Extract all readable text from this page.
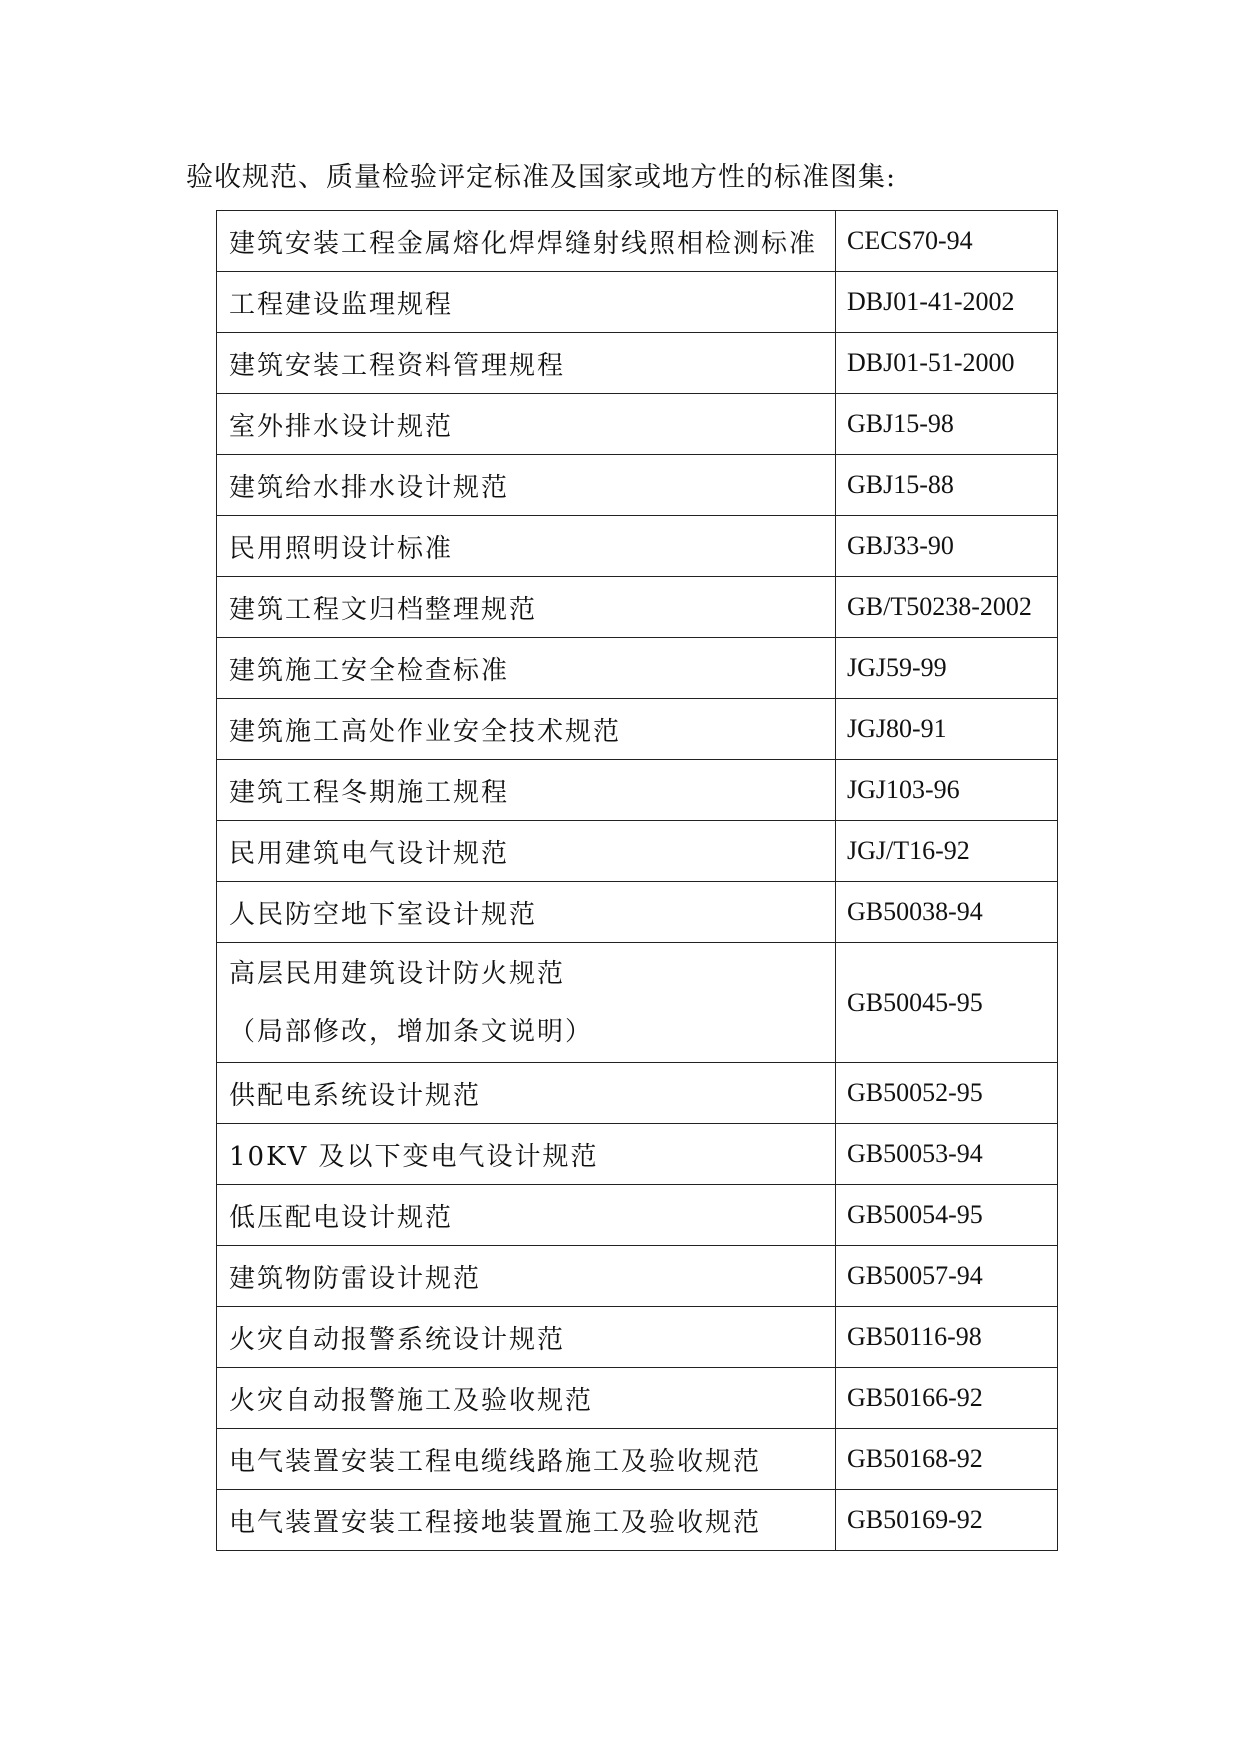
验收规范、质量检验评定标准及国家或地方性的标准图集:
建筑安装工程金属熔化焊焊缝射线照相检测标准	CECS70-94
工程建设监理规程	DBJ01-41-2002
建筑安装工程资料管理规程	DBJ01-51-2000
室外排水设计规范	GBJ15-98
建筑给水排水设计规范	GBJ15-88
民用照明设计标准	GBJ33-90
建筑工程文归档整理规范	GB/T50238-2002
建筑施工安全检查标准	JGJ59-99
建筑施工高处作业安全技术规范	JGJ80-91
建筑工程冬期施工规程	JGJ103-96
民用建筑电气设计规范	JGJ/T16-92
人民防空地下室设计规范	GB50038-94

高层民用建筑设计防火规范
（局部修改，增加条文说明）	GB50045-95
供配电系统设计规范	GB50052-95
10KV 及以下变电气设计规范	GB50053-94
低压配电设计规范	GB50054-95
建筑物防雷设计规范	GB50057-94
火灾自动报警系统设计规范	GB50116-98
火灾自动报警施工及验收规范	GB50166-92
电气装置安装工程电缆线路施工及验收规范	GB50168-92
电气装置安装工程接地装置施工及验收规范	GB50169-92
